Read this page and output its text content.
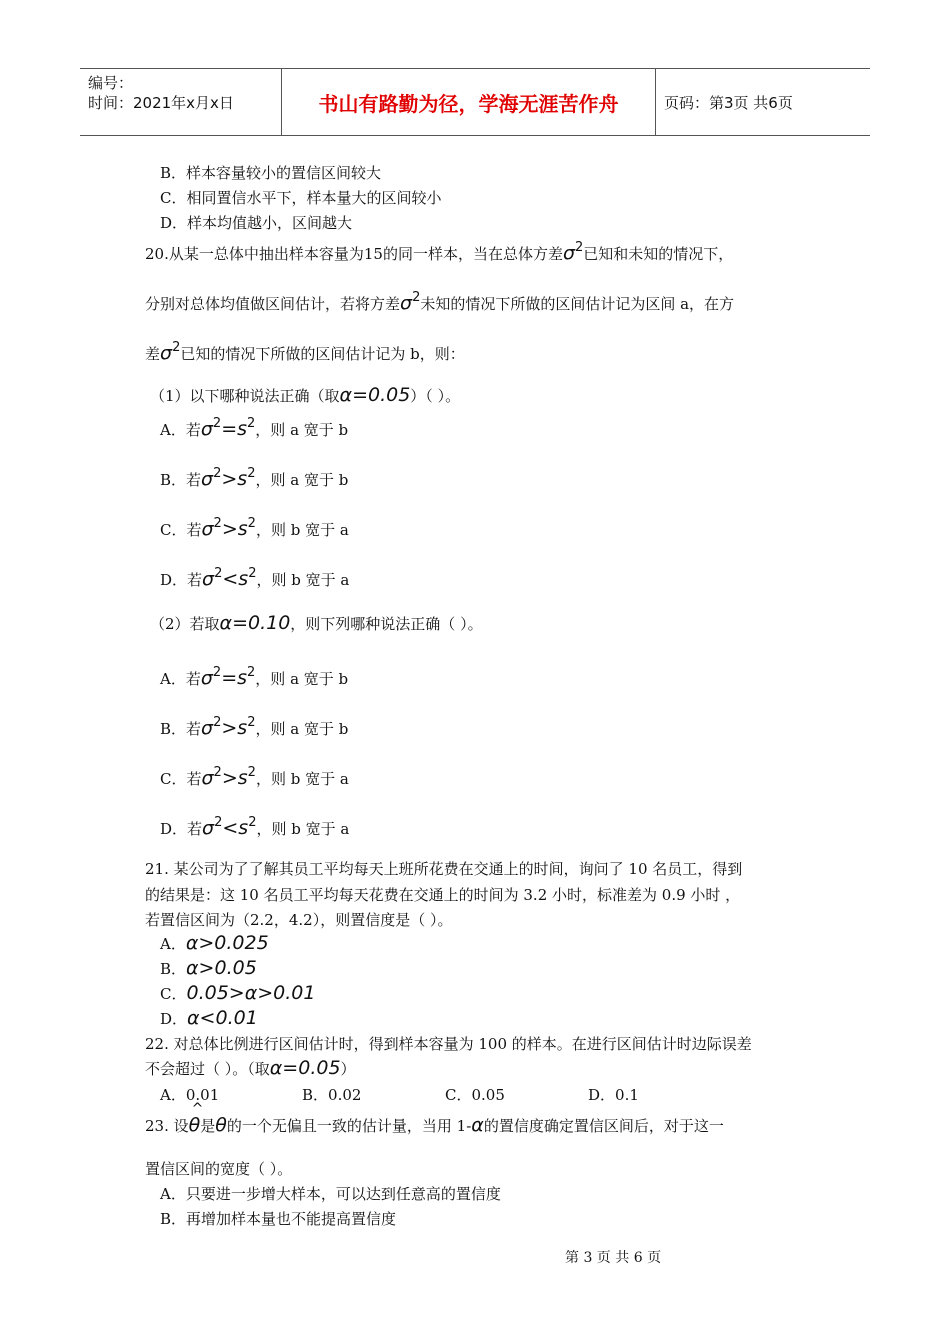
编号：
时间：2021年x月x日	书山有路勤为径，学海无涯苦作舟	页码：第3页 共6页
B．样本容量较小的置信区间较大
C．相同置信水平下，样本量大的区间较小
D．样本均值越小，区间越大
20.从某一总体中抽出样本容量为15的同一样本，当在总体方差σ2已知和未知的情况下，
分别对总体均值做区间估计，若将方差σ2未知的情况下所做的区间估计记为区间 a，在方
差σ2已知的情况下所做的区间估计记为 b，则：
（1）以下哪种说法正确（取α=0.05）（ ）。
A．若σ2=s2，则 a 宽于 b
B．若σ2>s2，则 a 宽于 b
C．若σ2>s2，则 b 宽于 a
D．若σ2<s2，则 b 宽于 a
（2）若取α=0.10，则下列哪种说法正确（ ）。
A．若σ2=s2，则 a 宽于 b
B．若σ2>s2，则 a 宽于 b
C．若σ2>s2，则 b 宽于 a
D．若σ2<s2，则 b 宽于 a
21. 某公司为了了解其员工平均每天上班所花费在交通上的时间，询问了 10 名员工，得到
的结果是：这 10 名员工平均每天花费在交通上的时间为 3.2 小时，标准差为 0.9 小时 ，
若置信区间为（2.2，4.2），则置信度是（ ）。
A．α>0.025
B．α>0.05
C．0.05>α>0.01
D．α<0.01
22. 对总体比例进行区间估计时，得到样本容量为 100 的样本。在进行区间估计时边际误差
不会超过（ ）。（取α=0.05）
A．0.01	B．0.02	C．0.05	D．0.1
23. 设^ θ是θ的一个无偏且一致的估计量，当用 1-α的置信度确定置信区间后，对于这一
置信区间的宽度（ ）。
A．只要进一步增大样本，可以达到任意高的置信度
B．再增加样本量也不能提高置信度
第 3 页 共 6 页
